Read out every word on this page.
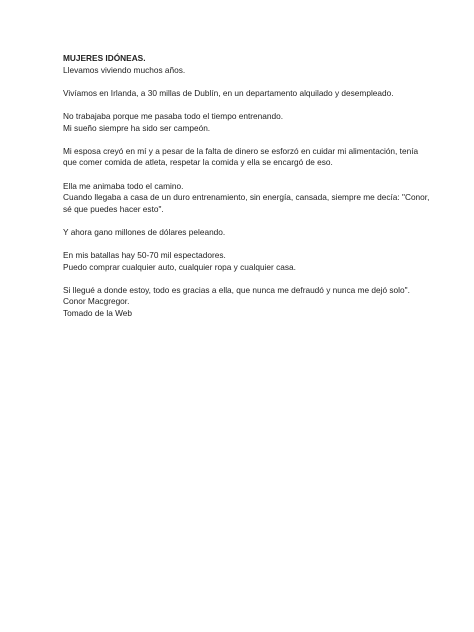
MUJERES IDÓNEAS.
Llevamos viviendo muchos años.
Vivíamos en Irlanda, a 30 millas de Dublín, en un departamento alquilado y desempleado.
No trabajaba porque me pasaba todo el tiempo entrenando.
Mi sueño siempre ha sido ser campeón.
Mi esposa creyó en mí y a pesar de la falta de dinero se esforzó en cuidar mi alimentación, tenía
que comer comida de atleta, respetar la comida y ella se encargó de eso.
Ella me animaba todo el camino.
Cuando llegaba a casa de un duro entrenamiento, sin energía, cansada, siempre me decía: "Conor,
sé que puedes hacer esto".
Y ahora gano millones de dólares peleando.
En mis batallas hay 50-70 mil espectadores.
Puedo comprar cualquier auto, cualquier ropa y cualquier casa.
Si llegué a donde estoy, todo es gracias a ella, que nunca me defraudó y nunca me dejó solo".
Conor Macgregor.
Tomado de la Web
